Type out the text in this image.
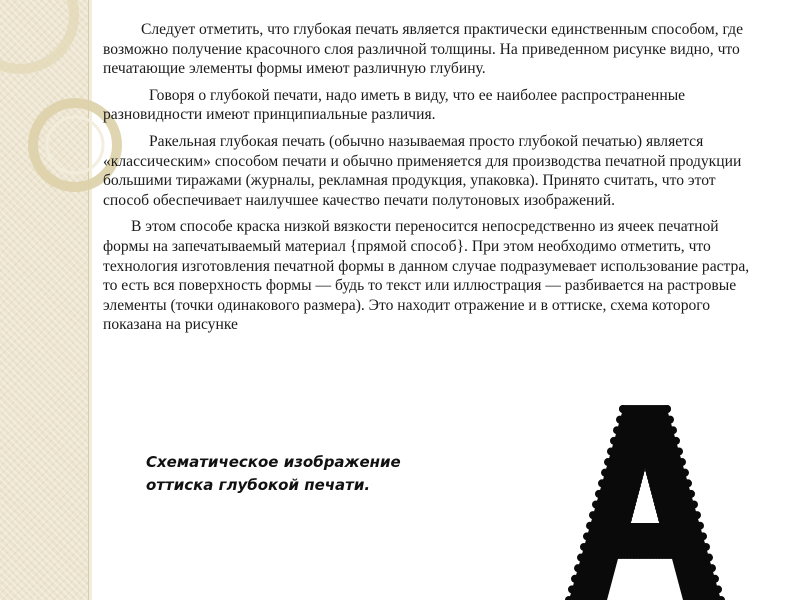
Следует отметить, что глубокая печать является практически единственным способом, где возможно получение красочного слоя различной толщины. На приведенном рисунке видно, что печатающие элементы формы имеют различную глубину.

Говоря о глубокой печати, надо иметь в виду, что ее наиболее распространенные разновидности имеют принципиальные различия.

Ракельная глубокая печать (обычно называемая просто глубокой печатью) является «классическим» способом печати и обычно применяется для производства печатной продукции большими тиражами (журналы, рекламная продукция, упаковка). Принято считать, что этот способ обеспечивает наилучшее качество печати полутоновых изображений.

В этом способе краска низкой вязкости переносится непосредственно из ячеек печатной формы на запечатываемый материал {прямой способ}. При этом необходимо отметить, что технология изготовления печатной формы в данном случае подразумевает использование растра, то есть вся поверхность формы — будь то текст или иллюстрация — разбивается на растровые элементы (точки одинакового размера). Это находит отражение и в оттиске, схема которого показана на рисунке

Схематическое изображение
оттиска глубокой печати.
